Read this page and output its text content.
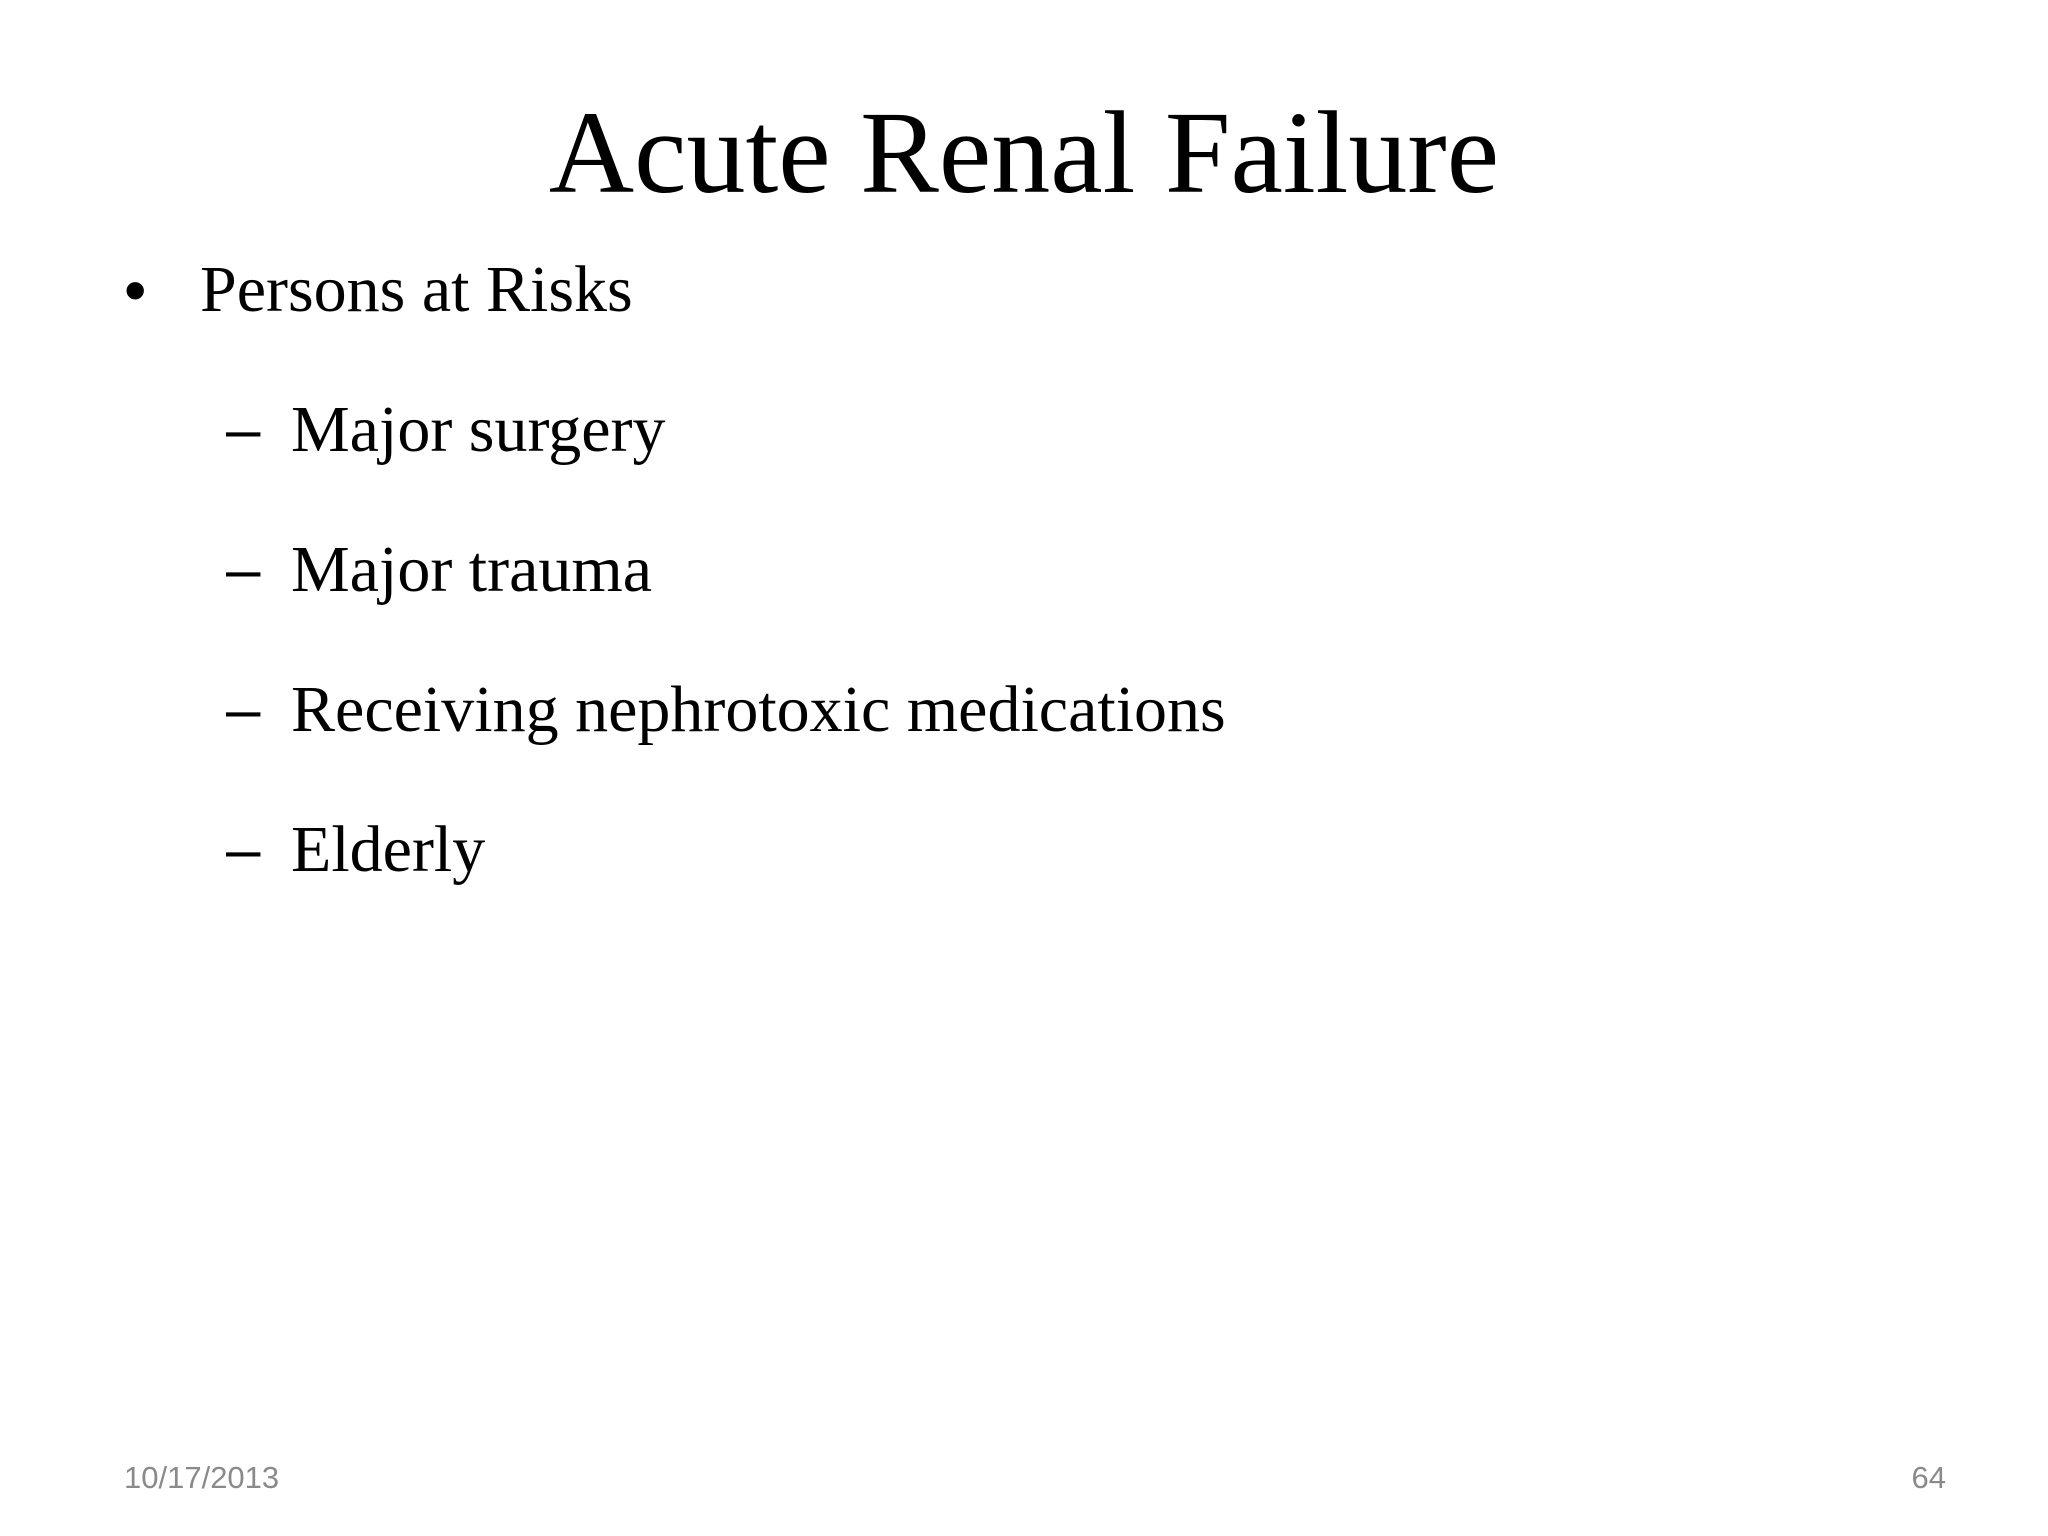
Acute Renal Failure
• Persons at Risks
– Major surgery
– Major trauma
– Receiving nephrotoxic medications
– Elderly
10/17/2013	64
